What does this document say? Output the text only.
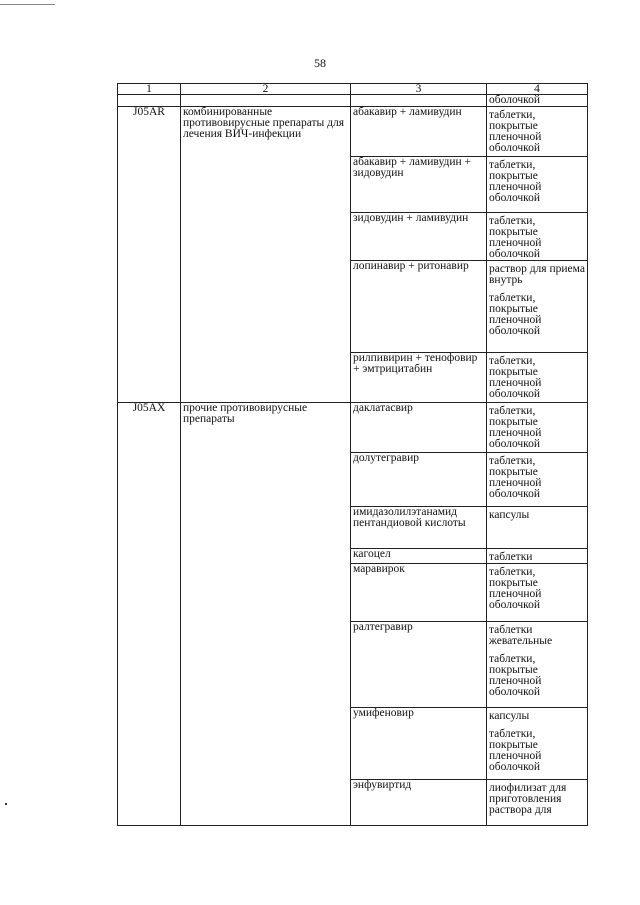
58
1	2	3	4
			оболочкой
J05AR	комбинированные противовирусные препараты для лечения ВИЧ-инфекции	абакавир + ламивудин	таблетки, покрытые пленочной оболочкой

		абакавир + ламивудин + зидовудин	таблетки, покрытые пленочной оболочкой

		зидовудин + ламивудин	таблетки, покрытые пленочной оболочкой

		лопинавир + ритонавир	раствор для приема внутрь
таблетки, покрытые пленочной оболочкой

		рилпивирин + тенофовир + эмтрицитабин	таблетки, покрытые пленочной оболочкой

J05AX	прочие противовирусные препараты	даклатасвир	таблетки, покрытые пленочной оболочкой

		долутегравир	таблетки, покрытые пленочной оболочкой

		имидазолилэтанамид пентандиовой кислоты	капсулы

		кагоцел	таблетки

		маравирок	таблетки, покрытые пленочной оболочкой

		ралтегравир	таблетки жевательные
таблетки, покрытые пленочной оболочкой

		умифеновир	капсулы
таблетки, покрытые пленочной оболочкой

		энфувиртид	лиофилизат для приготовления раствора для
